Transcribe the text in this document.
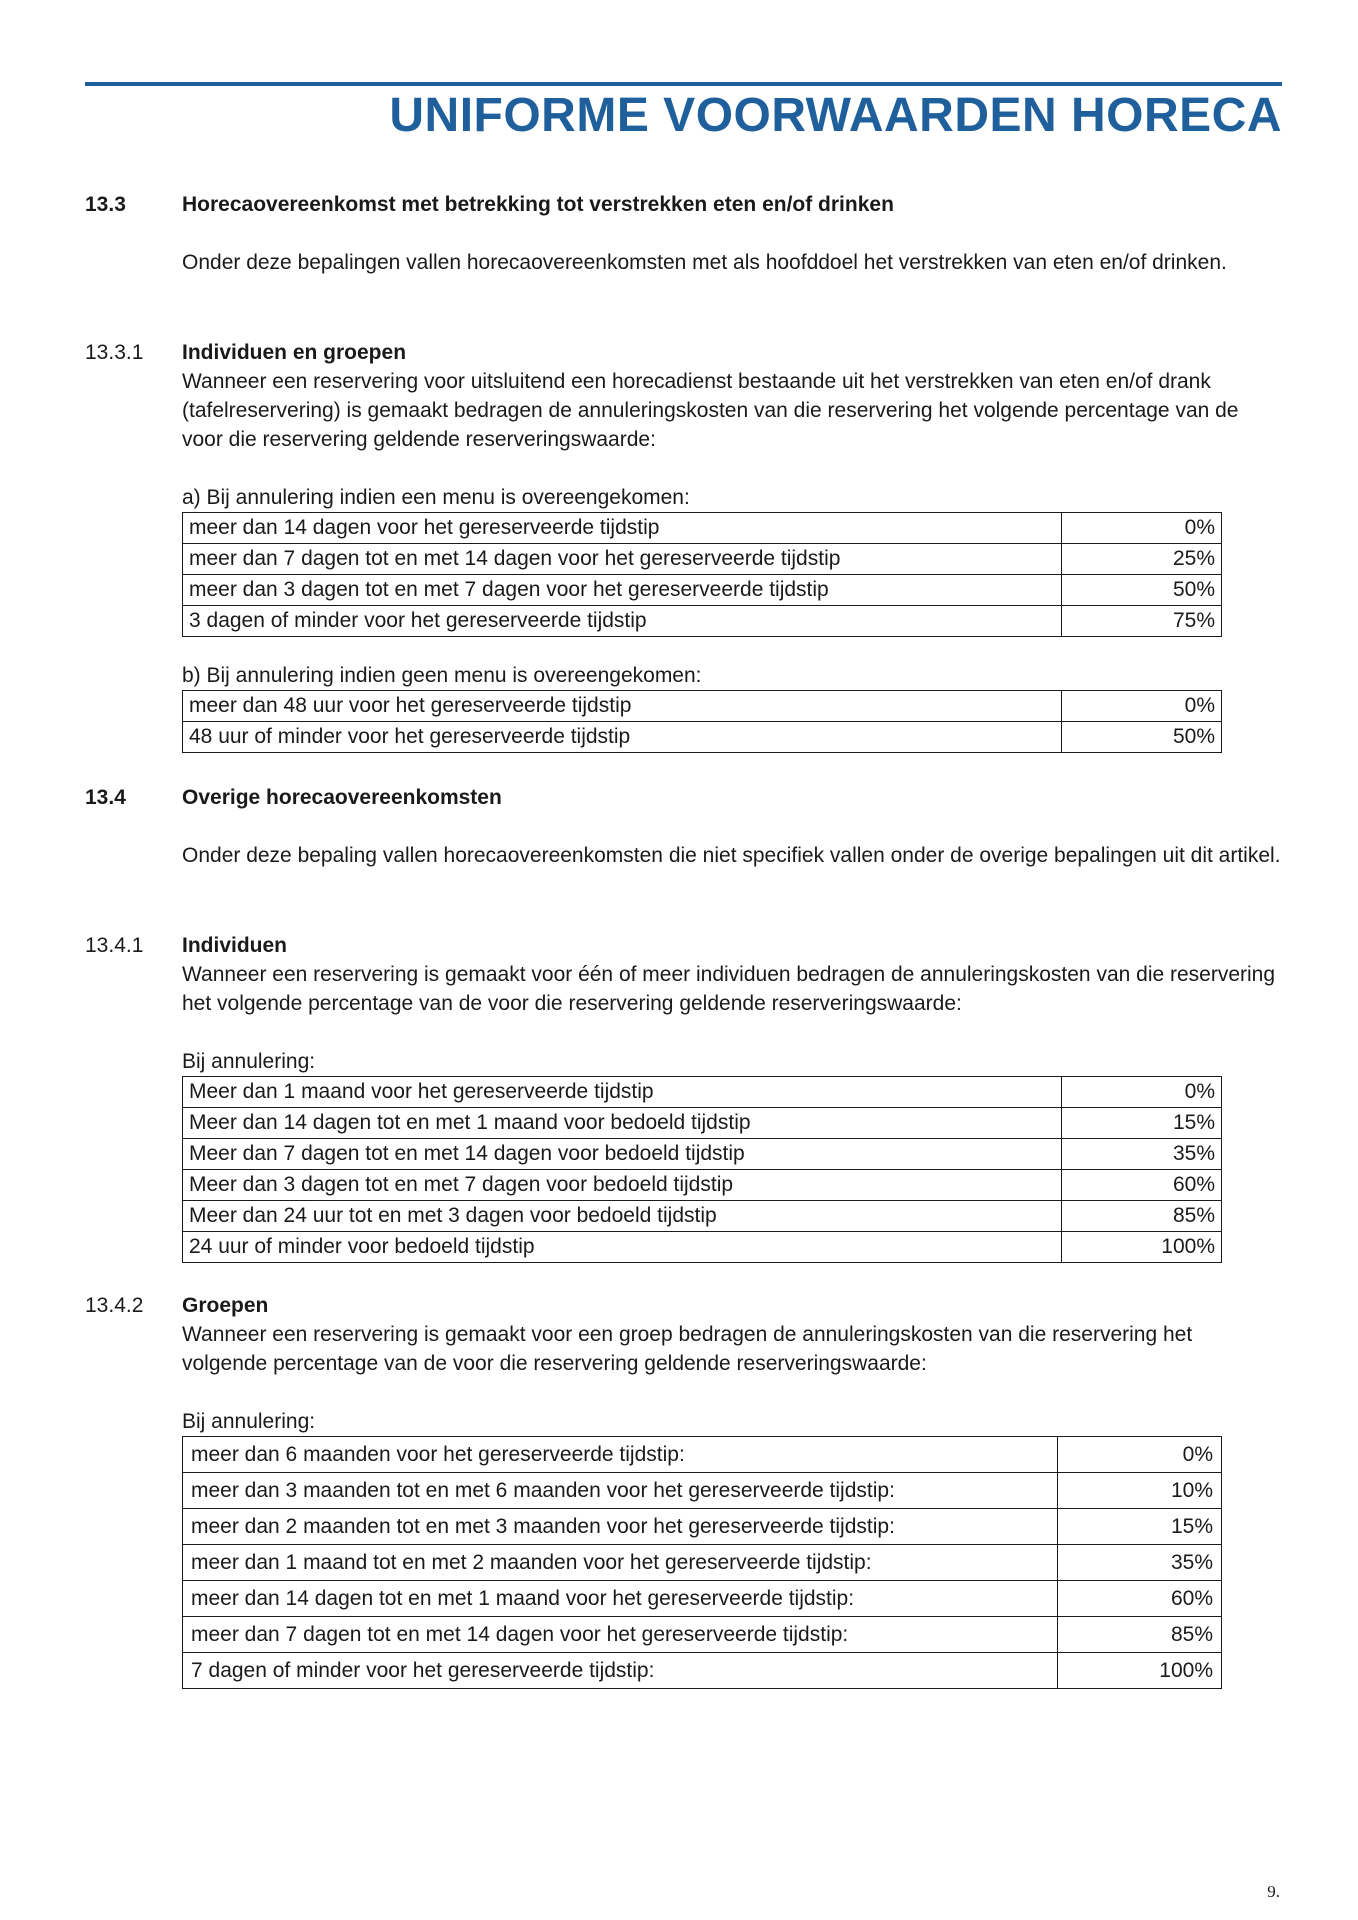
UNIFORME VOORWAARDEN HORECA
13.3	Horecaovereenkomst met betrekking tot verstrekken eten en/of drinken

Onder deze bepalingen vallen horecaovereenkomsten met als hoofddoel het verstrekken van eten en/of drinken.

13.3.1 Individuen en groepen

Wanneer een reservering voor uitsluitend een horecadienst bestaande uit het verstrekken van eten en/of drank (tafelreservering) is gemaakt bedragen de annuleringskosten van die reservering het volgende percentage van de voor die reservering geldende reserveringswaarde:

a) Bij annulering indien een menu is overeengekomen:

meer dan 14 dagen voor het gereserveerde tijdstip	0%
meer dan 7 dagen tot en met 14 dagen voor het gereserveerde tijdstip	25%
meer dan 3 dagen tot en met 7 dagen voor het gereserveerde tijdstip	50%
3 dagen of minder voor het gereserveerde tijdstip	75%

b) Bij annulering indien geen menu is overeengekomen:

meer dan 48 uur voor het gereserveerde tijdstip	0%
48 uur of minder voor het gereserveerde tijdstip	50%
13.4	Overige horecaovereenkomsten

Onder deze bepaling vallen horecaovereenkomsten die niet specifiek vallen onder de overige bepalingen uit dit artikel.

13.4.1 Individuen

Wanneer een reservering is gemaakt voor één of meer individuen bedragen de annuleringskosten van die reservering het volgende percentage van de voor die reservering geldende reserveringswaarde:

Bij annulering:

Meer dan 1 maand voor het gereserveerde tijdstip	0%
Meer dan 14 dagen tot en met 1 maand voor bedoeld tijdstip	15%
Meer dan 7 dagen tot en met 14 dagen voor bedoeld tijdstip	35%
Meer dan 3 dagen tot en met 7 dagen voor bedoeld tijdstip	60%
Meer dan 24 uur tot en met 3 dagen voor bedoeld tijdstip	85%
24 uur of minder voor bedoeld tijdstip	100%
13.4.2 Groepen

Wanneer een reservering is gemaakt voor een groep bedragen de annuleringskosten van die reservering het volgende percentage van de voor die reservering geldende reserveringswaarde:

Bij annulering:

meer dan 6 maanden voor het gereserveerde tijdstip:	0%
meer dan 3 maanden tot en met 6 maanden voor het gereserveerde tijdstip:	10%
meer dan 2 maanden tot en met 3 maanden voor het gereserveerde tijdstip:	15%
meer dan 1 maand tot en met 2 maanden voor het gereserveerde tijdstip:	35%
meer dan 14 dagen tot en met 1 maand voor het gereserveerde tijdstip:	60%
meer dan 7 dagen tot en met 14 dagen voor het gereserveerde tijdstip:	85%
7 dagen of minder voor het gereserveerde tijdstip:	100%
9.
